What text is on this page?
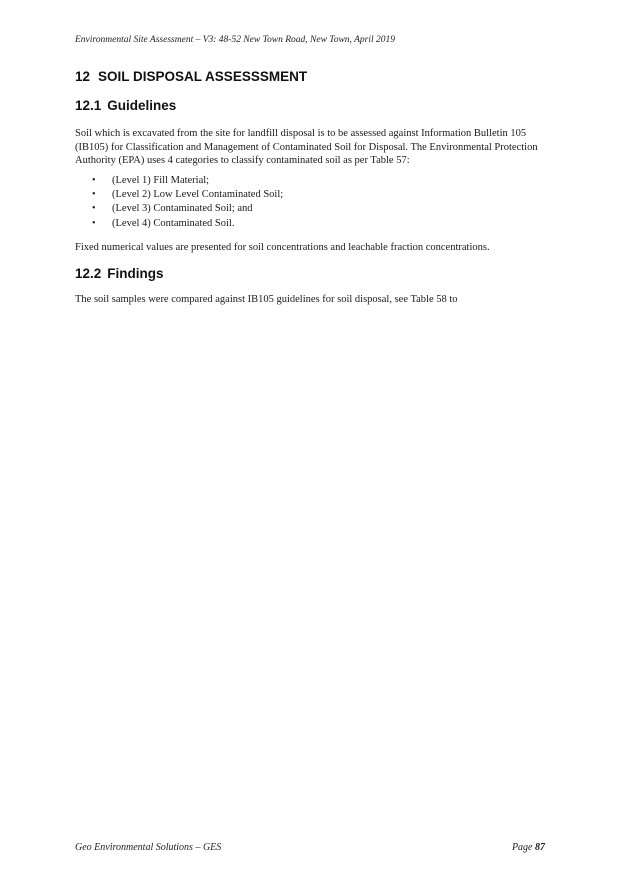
Environmental Site Assessment – V3: 48-52 New Town Road, New Town, April 2019
12 SOIL DISPOSAL ASSESSSMENT
12.1 Guidelines

Soil which is excavated from the site for landfill disposal is to be assessed against Information Bulletin 105 (IB105) for Classification and Management of Contaminated Soil for Disposal. The Environmental Protection Authority (EPA) uses 4 categories to classify contaminated soil as per Table 57:

• (Level 1) Fill Material;
• (Level 2) Low Level Contaminated Soil;
• (Level 3) Contaminated Soil; and
• (Level 4) Contaminated Soil.

Fixed numerical values are presented for soil concentrations and leachable fraction concentrations.

12.2 Findings

The soil samples were compared against IB105 guidelines for soil disposal, see Table 58 to

Geo Environmental Solutions – GES	Page 87
